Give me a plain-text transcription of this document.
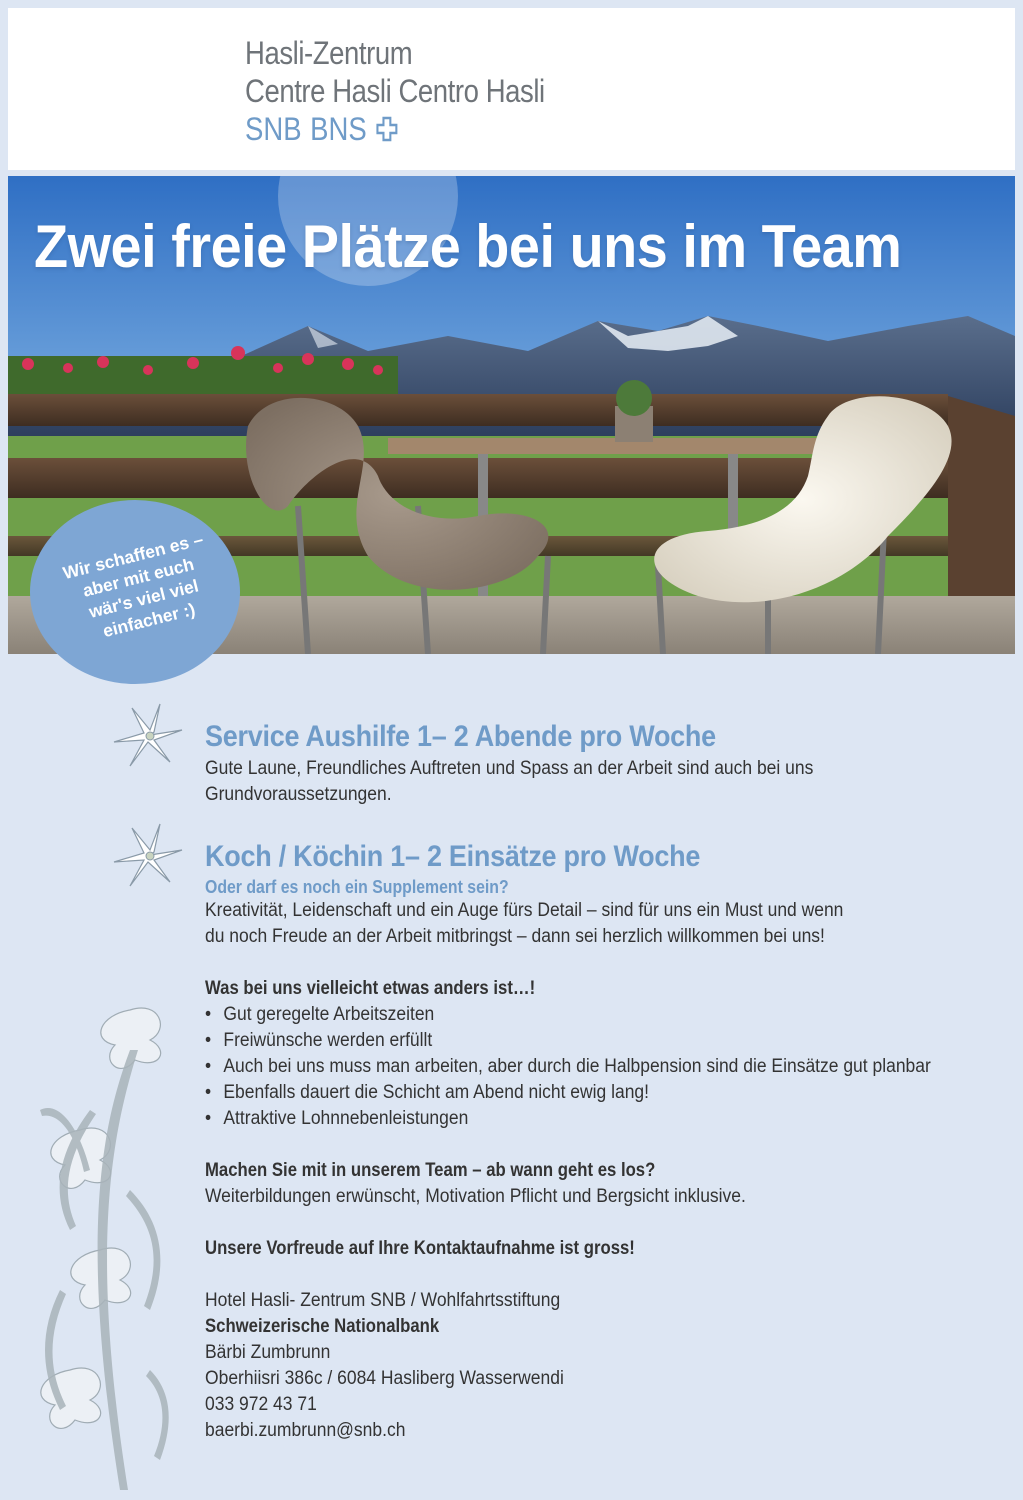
Hasli-Zentrum
Centre Hasli Centro Hasli
SNB BNS
Zwei freie Plätze bei uns im Team
Wir schaffen es – aber mit euch wär's viel viel einfacher :)
Service Aushilfe 1– 2 Abende pro Woche

Gute Laune, Freundliches Auftreten und Spass an der Arbeit sind auch bei uns

Grundvoraussetzungen.

Koch / Köchin 1– 2 Einsätze pro Woche

Oder darf es noch ein Supplement sein?

Kreativität, Leidenschaft und ein Auge fürs Detail – sind für uns ein Must und wenn

du noch Freude an der Arbeit mitbringst – dann sei herzlich willkommen bei uns!

Was bei uns vielleicht etwas anders ist…!

• Gut geregelte Arbeitszeiten
• Freiwünsche werden erfüllt
• Auch bei uns muss man arbeiten, aber durch die Halbpension sind die Einsätze gut planbar
• Ebenfalls dauert die Schicht am Abend nicht ewig lang!
• Attraktive Lohnnebenleistungen

Machen Sie mit in unserem Team – ab wann geht es los?

Weiterbildungen erwünscht, Motivation Pflicht und Bergsicht inklusive.

Unsere Vorfreude auf Ihre Kontaktaufnahme ist gross!

Hotel Hasli- Zentrum SNB / Wohlfahrtsstiftung

Schweizerische Nationalbank

Bärbi Zumbrunn

Oberhiisri 386c / 6084 Hasliberg Wasserwendi

033 972 43 71

baerbi.zumbrunn@snb.ch
